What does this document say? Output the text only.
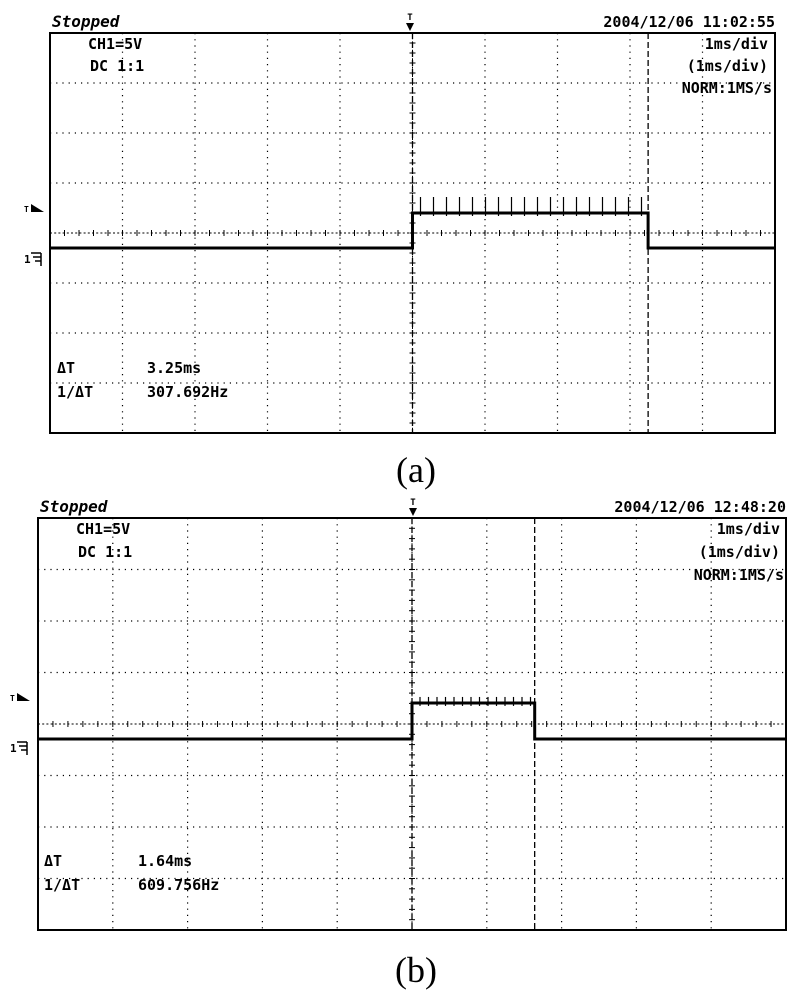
Stopped	2004/12/06 11:02:55
T
CH1=5V
DC 1:1
1ms/div
(1ms/div)
NORM:1MS/s
T
1
ΔT	3.25ms
1/ΔT	307.692Hz
(a)
Stopped	2004/12/06 12:48:20
T
CH1=5V
DC 1:1
1ms/div
(1ms/div)
NORM:1MS/s
T
1
ΔT	1.64ms
1/ΔT	609.756Hz
(b)
